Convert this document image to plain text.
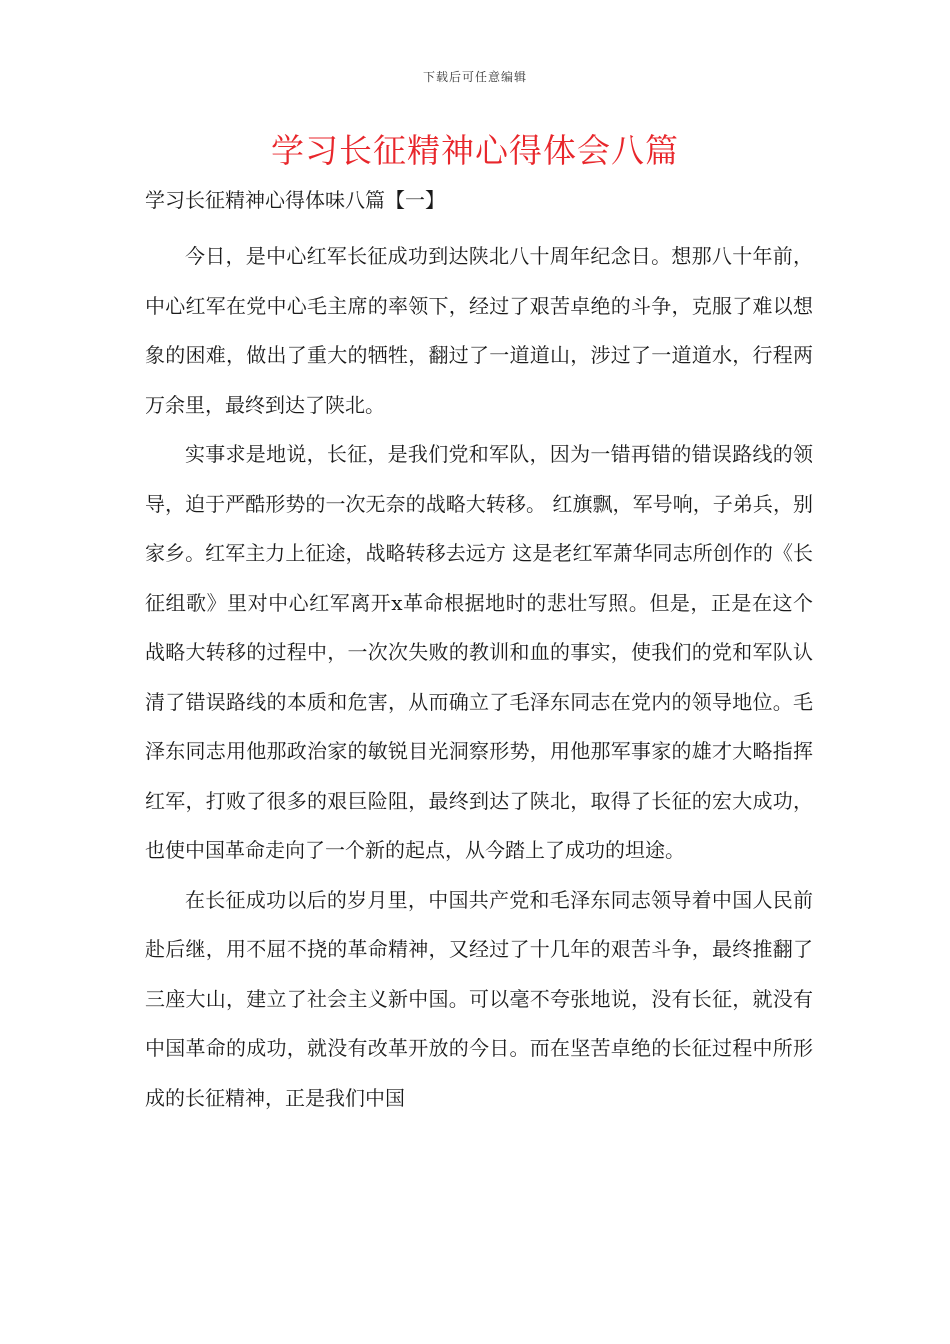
下载后可任意编辑
学习长征精神心得体会八篇
学习长征精神心得体味八篇【一】

今日，是中心红军长征成功到达陕北八十周年纪念日。想那八十年前，中心红军在党中心毛主席的率领下，经过了艰苦卓绝的斗争，克服了难以想象的困难，做出了重大的牺牲，翻过了一道道山，涉过了一道道水，行程两万余里，最终到达了陕北。

实事求是地说，长征，是我们党和军队，因为一错再错的错误路线的领导，迫于严酷形势的一次无奈的战略大转移。 红旗飘，军号响，子弟兵，别家乡。红军主力上征途，战略转移去远方 这是老红军萧华同志所创作的《长征组歌》里对中心红军离开x革命根据地时的悲壮写照。但是，正是在这个战略大转移的过程中，一次次失败的教训和血的事实，使我们的党和军队认清了错误路线的本质和危害，从而确立了毛泽东同志在党内的领导地位。毛泽东同志用他那政治家的敏锐目光洞察形势，用他那军事家的雄才大略指挥红军，打败了很多的艰巨险阻，最终到达了陕北，取得了长征的宏大成功，也使中国革命走向了一个新的起点，从今踏上了成功的坦途。

在长征成功以后的岁月里，中国共产党和毛泽东同志领导着中国人民前赴后继，用不屈不挠的革命精神，又经过了十几年的艰苦斗争，最终推翻了三座大山，建立了社会主义新中国。可以毫不夸张地说，没有长征，就没有中国革命的成功，就没有改革开放的今日。而在坚苦卓绝的长征过程中所形成的长征精神，正是我们中国
